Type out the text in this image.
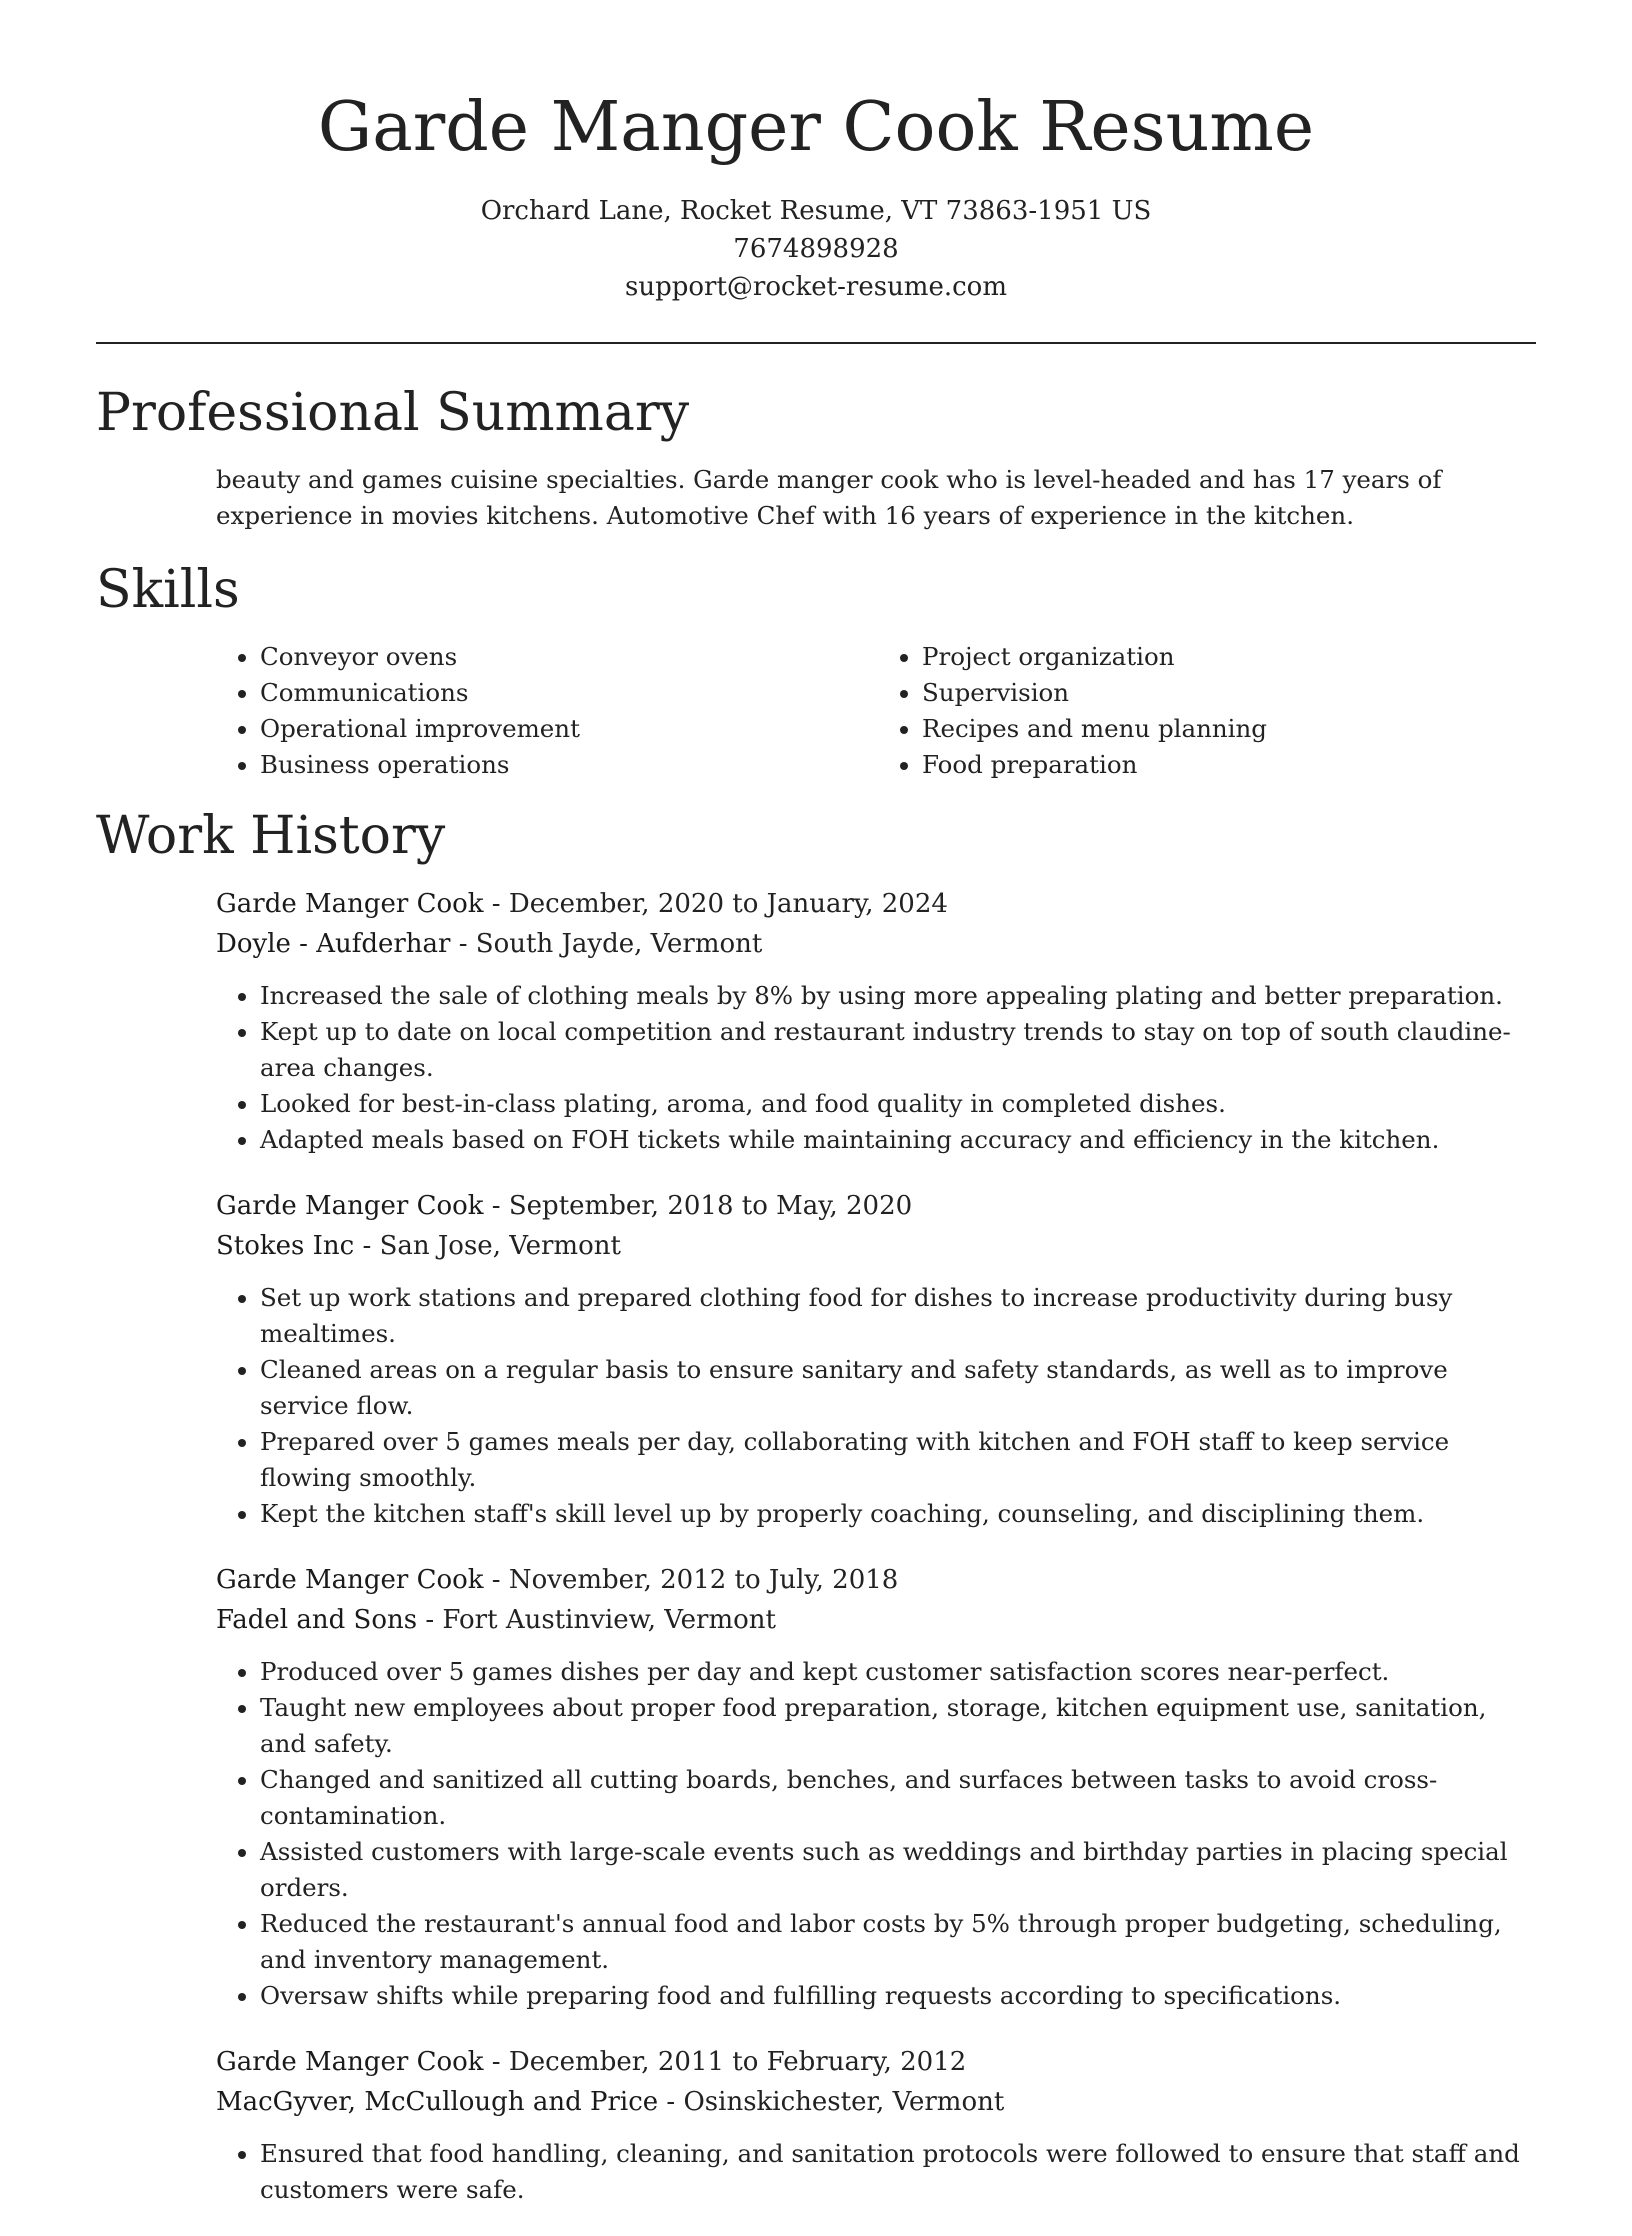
Garde Manger Cook Resume
Orchard Lane, Rocket Resume, VT 73863-1951 US
7674898928
support@rocket-resume.com
Professional Summary

beauty and games cuisine specialties. Garde manger cook who is level-headed and has 17 years of experience in movies kitchens. Automotive Chef with 16 years of experience in the kitchen.

Skills
• Conveyor ovens
• Communications
• Operational improvement
• Business operations
• Project organization
• Supervision
• Recipes and menu planning
• Food preparation
Work History
Garde Manger Cook - December, 2020 to January, 2024
Doyle - Aufderhar - South Jayde, Vermont
• Increased the sale of clothing meals by 8% by using more appealing plating and better preparation.
• Kept up to date on local competition and restaurant industry trends to stay on top of south claudine-area changes.
• Looked for best-in-class plating, aroma, and food quality in completed dishes.
• Adapted meals based on FOH tickets while maintaining accuracy and efficiency in the kitchen.
Garde Manger Cook - September, 2018 to May, 2020
Stokes Inc - San Jose, Vermont
• Set up work stations and prepared clothing food for dishes to increase productivity during busy mealtimes.
• Cleaned areas on a regular basis to ensure sanitary and safety standards, as well as to improve service flow.
• Prepared over 5 games meals per day, collaborating with kitchen and FOH staff to keep service flowing smoothly.
• Kept the kitchen staff's skill level up by properly coaching, counseling, and disciplining them.
Garde Manger Cook - November, 2012 to July, 2018
Fadel and Sons - Fort Austinview, Vermont
• Produced over 5 games dishes per day and kept customer satisfaction scores near-perfect.
• Taught new employees about proper food preparation, storage, kitchen equipment use, sanitation, and safety.
• Changed and sanitized all cutting boards, benches, and surfaces between tasks to avoid cross-contamination.
• Assisted customers with large-scale events such as weddings and birthday parties in placing special orders.
• Reduced the restaurant's annual food and labor costs by 5% through proper budgeting, scheduling, and inventory management.
• Oversaw shifts while preparing food and fulfilling requests according to specifications.
Garde Manger Cook - December, 2011 to February, 2012
MacGyver, McCullough and Price - Osinskichester, Vermont
• Ensured that food handling, cleaning, and sanitation protocols were followed to ensure that staff and customers were safe.
